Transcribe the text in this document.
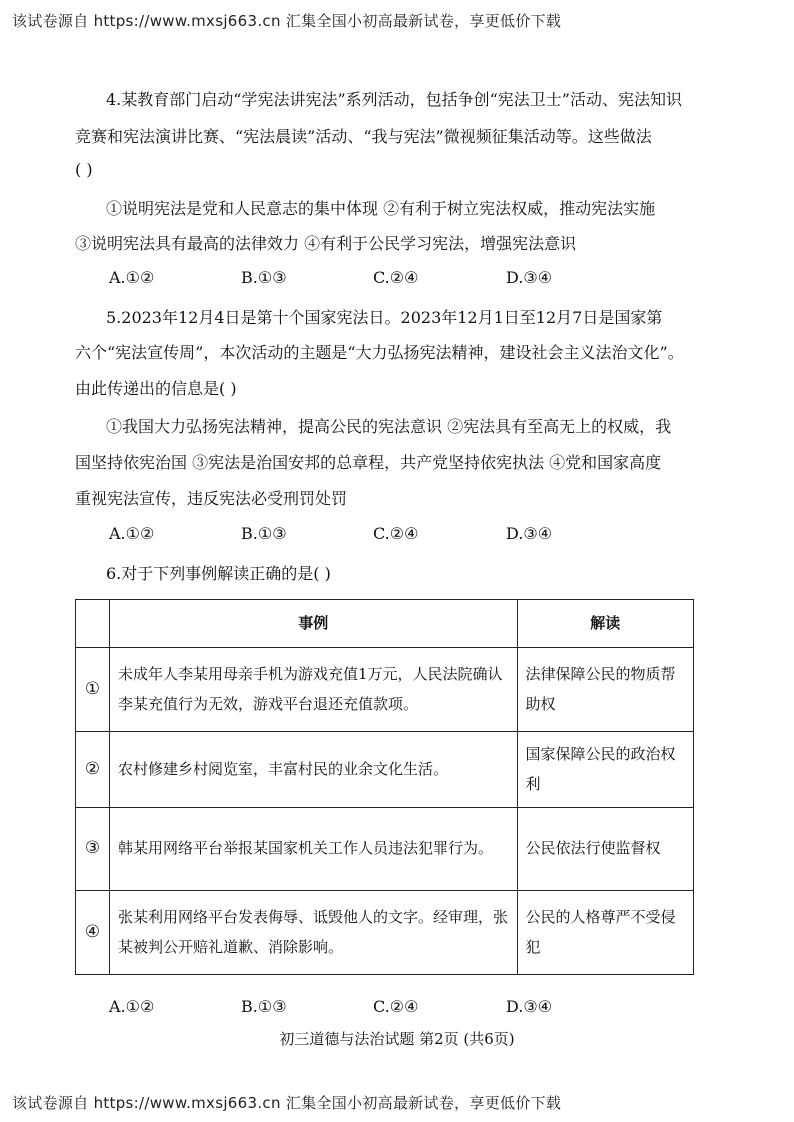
该试卷源自 https://www.mxsj663.cn 汇集全国小初高最新试卷，享更低价下载
4.某教育部门启动“学宪法讲宪法”系列活动，包括争创“宪法卫士”活动、宪法知识
竞赛和宪法演讲比赛、“宪法晨读”活动、“我与宪法”微视频征集活动等。这些做法
( )
①说明宪法是党和人民意志的集中体现 ②有利于树立宪法权威，推动宪法实施
③说明宪法具有最高的法律效力 ④有利于公民学习宪法，增强宪法意识
A.①②	B.①③	C.②④	D.③④
5.2023年12月4日是第十个国家宪法日。2023年12月1日至12月7日是国家第
六个“宪法宣传周”，本次活动的主题是“大力弘扬宪法精神，建设社会主义法治文化”。
由此传递出的信息是( )
①我国大力弘扬宪法精神，提高公民的宪法意识 ②宪法具有至高无上的权威，我
国坚持依宪治国 ③宪法是治国安邦的总章程，共产党坚持依宪执法 ④党和国家高度
重视宪法宣传，违反宪法必受刑罚处罚
A.①②	B.①③	C.②④	D.③④
6.对于下列事例解读正确的是( )
	事例	解读
①	未成年人李某用母亲手机为游戏充值1万元，人民法院确认李某充值行为无效，游戏平台退还充值款项。	法律保障公民的物质帮助权
②	农村修建乡村阅览室，丰富村民的业余文化生活。	国家保障公民的政治权利
③	韩某用网络平台举报某国家机关工作人员违法犯罪行为。	公民依法行使监督权
④	张某利用网络平台发表侮辱、诋毁他人的文字。经审理，张某被判公开赔礼道歉、消除影响。	公民的人格尊严不受侵犯
A.①②	B.①③	C.②④	D.③④
初三道德与法治试题 第2页 (共6页)
该试卷源自 https://www.mxsj663.cn 汇集全国小初高最新试卷，享更低价下载
